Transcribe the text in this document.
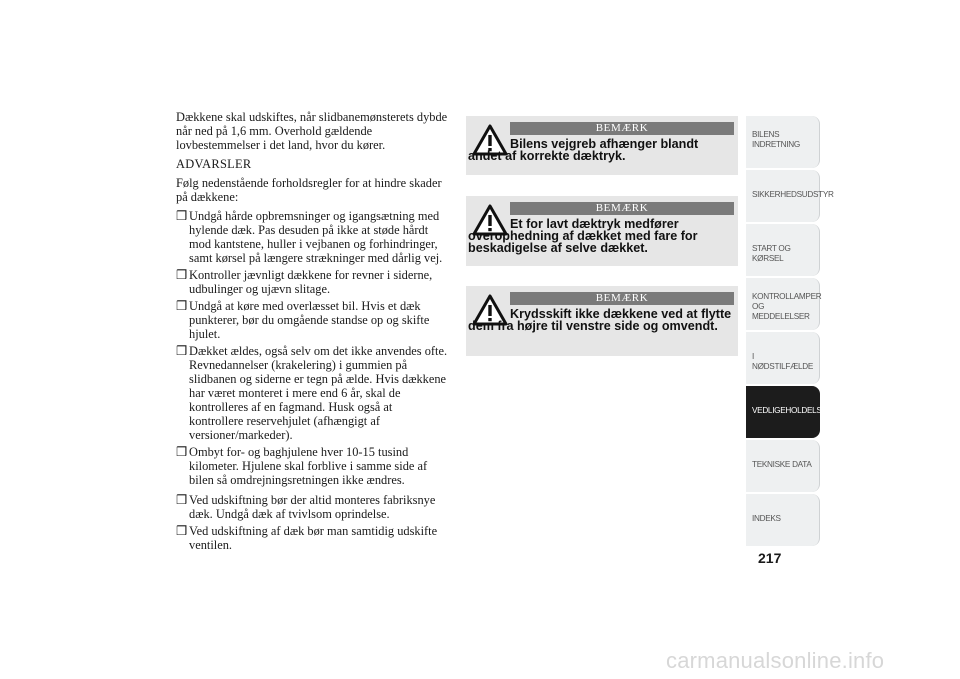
Dækkene skal udskiftes, når slidbanemønsterets dybde når ned på 1,6 mm. Overhold gældende lovbestemmelser i det land, hvor du kører.

ADVARSLER

Følg nedenstående forholdsregler for at hindre skader på dækkene:

❒ Undgå hårde opbremsninger og igangsætning med hylende dæk. Pas desuden på ikke at støde hårdt mod kantstene, huller i vejbanen og forhindringer, samt kørsel på længere strækninger med dårlig vej.
❒ Kontroller jævnligt dækkene for revner i siderne, udbulinger og ujævn slitage.
❒ Undgå at køre med overlæsset bil. Hvis et dæk punkterer, bør du omgående standse op og skifte hjulet.
❒ Dækket ældes, også selv om det ikke anvendes ofte. Revnedannelser (krakelering) i gummien på slidbanen og siderne er tegn på ælde. Hvis dækkene har været monteret i mere end 6 år, skal de kontrolleres af en fagmand. Husk også at kontrollere reservehjulet (afhængigt af versioner/markeder).
❒ Ombyt for- og baghjulene hver 10-15 tusind kilometer. Hjulene skal forblive i samme side af bilen så omdrejningsretningen ikke ændres.
❒ Ved udskiftning bør der altid monteres fabriksnye dæk. Undgå dæk af tvivlsom oprindelse.
❒ Ved udskiftning af dæk bør man samtidig udskifte ventilen.
BEMÆRK
Bilens vejgreb afhænger blandt andet af korrekte dæktryk.
BEMÆRK
Et for lavt dæktryk medfører overophedning af dækket med fare for beskadigelse af selve dækket.
BEMÆRK
Krydsskift ikke dækkene ved at flytte dem fra højre til venstre side og omvendt.
BILENS INDRETNING
SIKKERHEDSUDSTYR
START OG KØRSEL
KONTROLLAMPER OG MEDDELELSER
I NØDSTILFÆLDE
VEDLIGEHOLDELSE
TEKNISKE DATA
INDEKS
217
carmanualsonline.info
